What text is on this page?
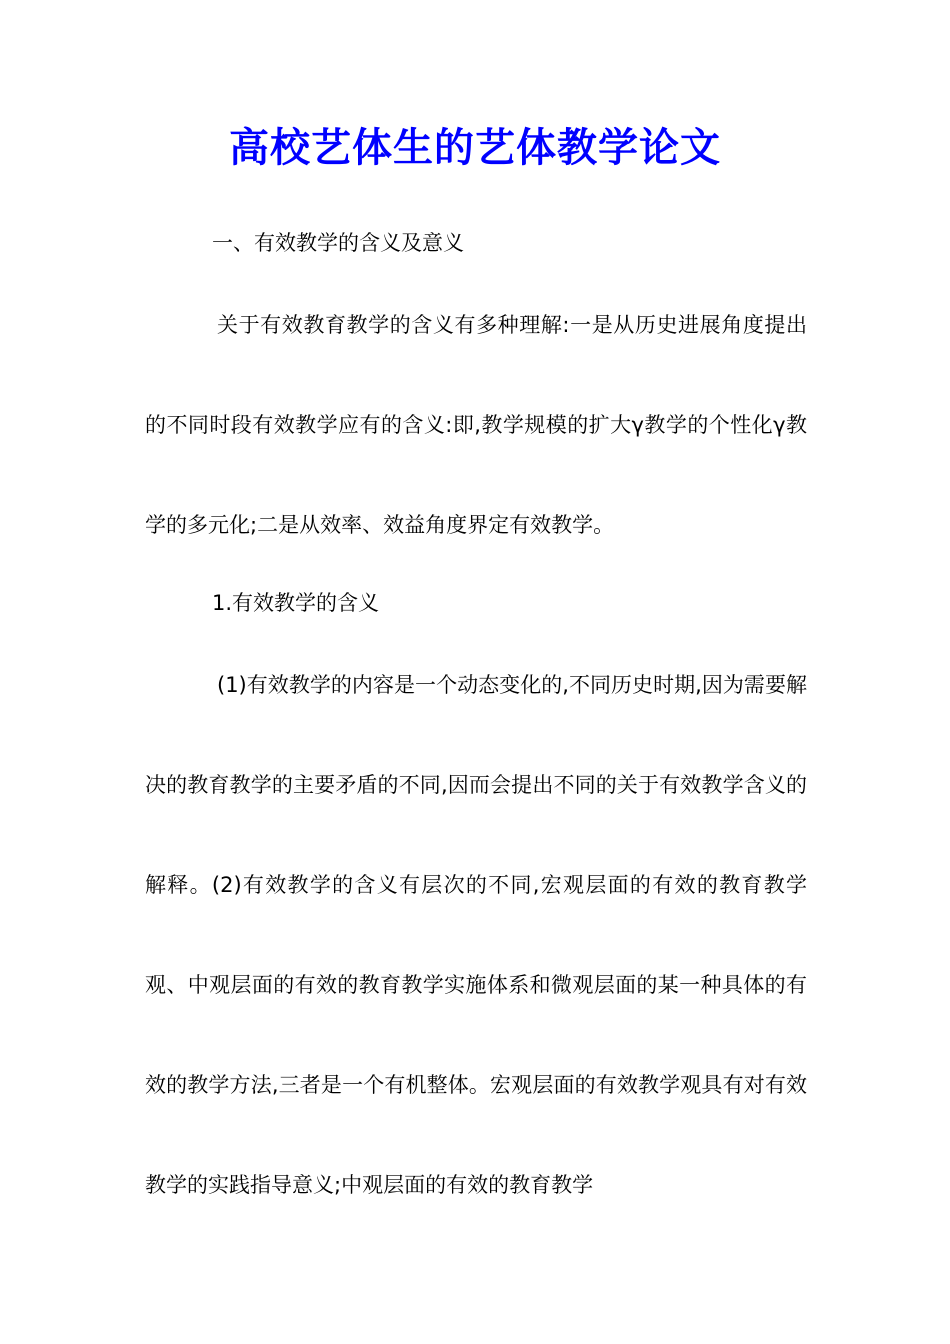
高校艺体生的艺体教学论文
一、有效教学的含义及意义

关于有效教育教学的含义有多种理解:一是从历史进展角度提出的不同时段有效教学应有的含义:即,教学规模的扩大γ教学的个性化γ教学的多元化;二是从效率、效益角度界定有效教学。

1.有效教学的含义

(1)有效教学的内容是一个动态变化的,不同历史时期,因为需要解决的教育教学的主要矛盾的不同,因而会提出不同的关于有效教学含义的解释。(2)有效教学的含义有层次的不同,宏观层面的有效的教育教学观、中观层面的有效的教育教学实施体系和微观层面的某一种具体的有效的教学方法,三者是一个有机整体。宏观层面的有效教学观具有对有效教学的实践指导意义;中观层面的有效的教育教学
